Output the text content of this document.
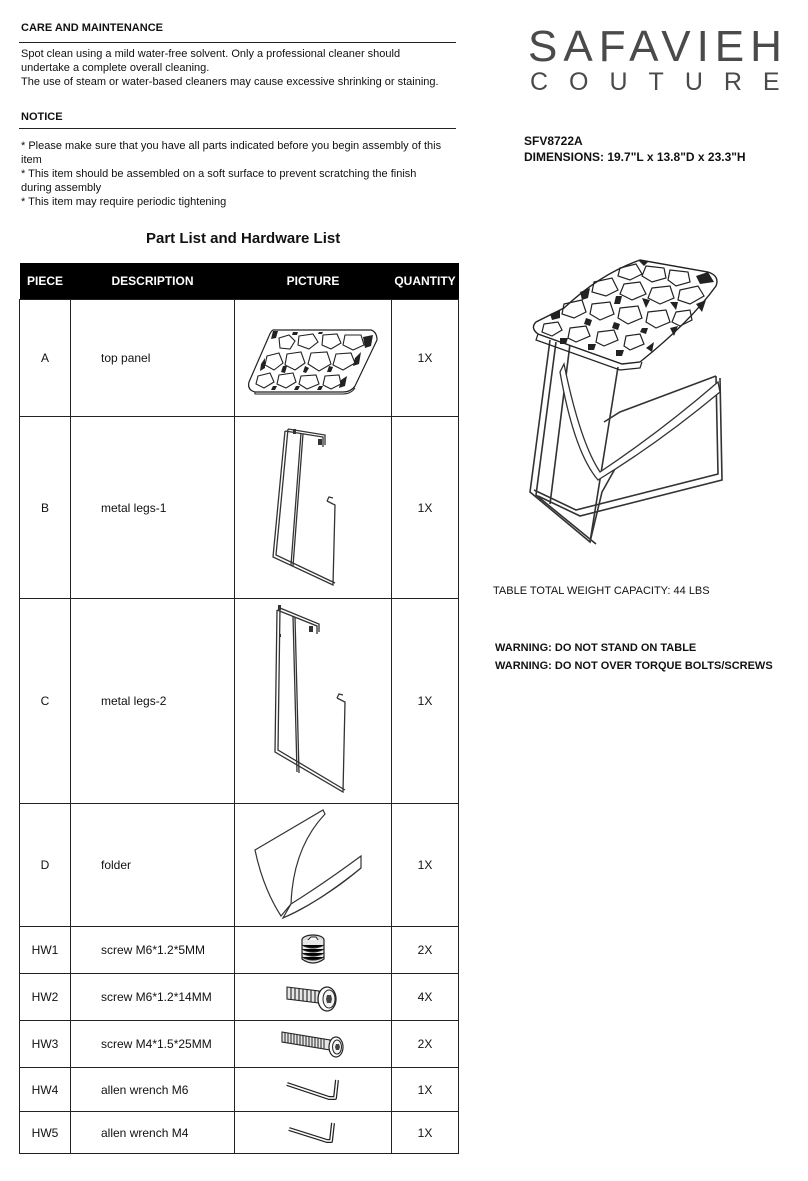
CARE AND MAINTENANCE
Spot clean using a mild water-free solvent. Only a professional cleaner should
undertake a complete overall cleaning.
The use of steam or water-based cleaners may cause excessive shrinking or staining.
NOTICE
* Please make sure that you have all parts indicated before you begin assembly of this
item
* This item should be assembled on a soft surface to prevent scratching the finish
during assembly
* This item may require periodic tightening
SAFAVIEH
COUTURE
SFV8722A
DIMENSIONS: 19.7"L x 13.8"D x 23.3"H
Part List and Hardware List
PIECE	DESCRIPTION	PICTURE	QUANTITY
A	top panel		1X
B	metal legs-1		1X
C	metal legs-2		1X
D	folder		1X
HW1	screw M6*1.2*5MM		2X
HW2	screw M6*1.2*14MM		4X
HW3	screw M4*1.5*25MM		2X
HW4	allen wrench M6		1X
HW5	allen wrench M4		1X
TABLE TOTAL WEIGHT CAPACITY: 44 LBS
WARNING: DO NOT STAND ON TABLE
WARNING: DO NOT OVER TORQUE BOLTS/SCREWS
